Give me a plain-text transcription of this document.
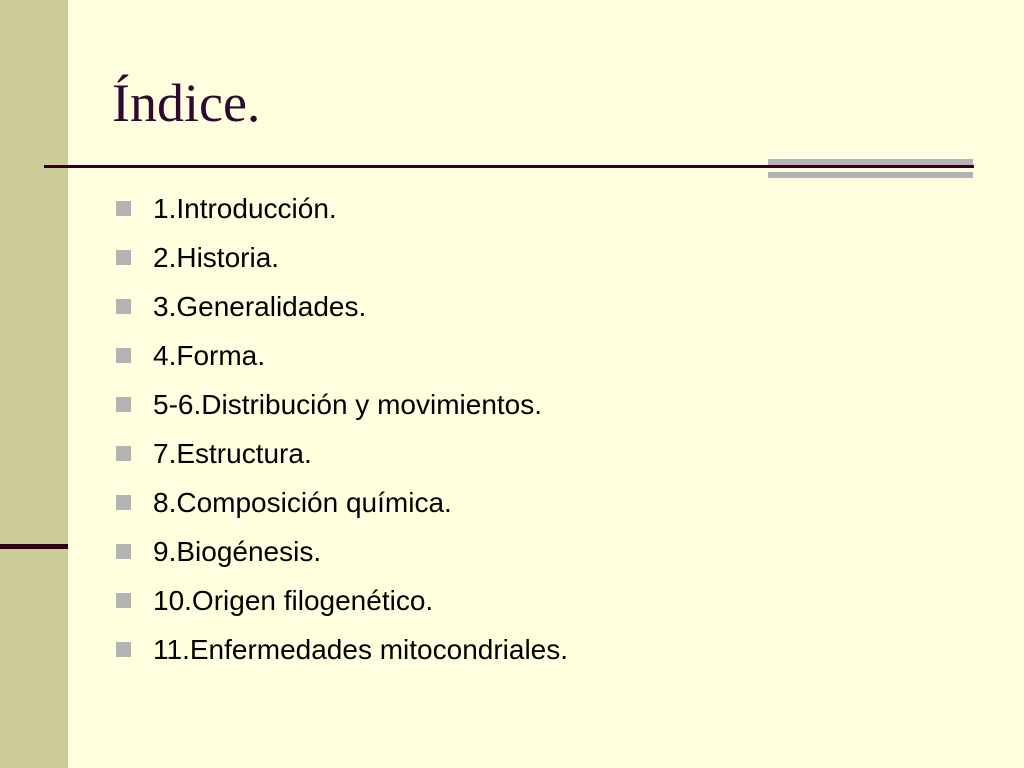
Índice.
1.Introducción.
2.Historia.
3.Generalidades.
4.Forma.
5-6.Distribución y movimientos.
7.Estructura.
8.Composición química.
9.Biogénesis.
10.Origen filogenético.
11.Enfermedades mitocondriales.
